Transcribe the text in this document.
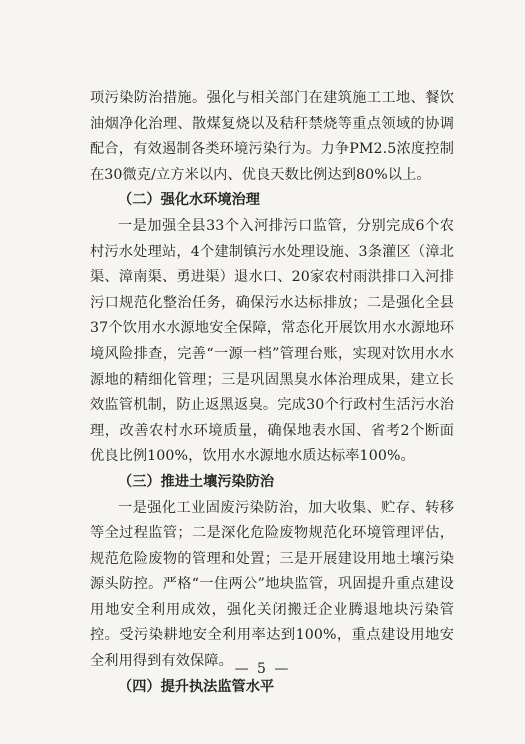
项污染防治措施。强化与相关部门在建筑施工工地、餐饮油烟净化治理、散煤复烧以及秸秆禁烧等重点领域的协调配合，有效遏制各类环境污染行为。力争PM2.5浓度控制在30微克/立方米以内、优良天数比例达到80%以上。

（二）强化水环境治理

一是加强全县33个入河排污口监管，分别完成6个农村污水处理站，4个建制镇污水处理设施、3条灌区（漳北渠、漳南渠、勇进渠）退水口、20家农村雨洪排口入河排污口规范化整治任务，确保污水达标排放；二是强化全县37个饮用水水源地安全保障，常态化开展饮用水水源地环境风险排查，完善“一源一档”管理台账，实现对饮用水水源地的精细化管理；三是巩固黑臭水体治理成果，建立长效监管机制，防止返黑返臭。完成30个行政村生活污水治理，改善农村水环境质量，确保地表水国、省考2个断面优良比例100%，饮用水水源地水质达标率100%。

（三）推进土壤污染防治

一是强化工业固废污染防治，加大收集、贮存、转移等全过程监管；二是深化危险废物规范化环境管理评估，规范危险废物的管理和处置；三是开展建设用地土壤污染源头防控。严格“一住两公”地块监管，巩固提升重点建设用地安全利用成效，强化关闭搬迁企业腾退地块污染管控。受污染耕地安全利用率达到100%，重点建设用地安全利用得到有效保障。

（四）提升执法监管水平

— 5 —
